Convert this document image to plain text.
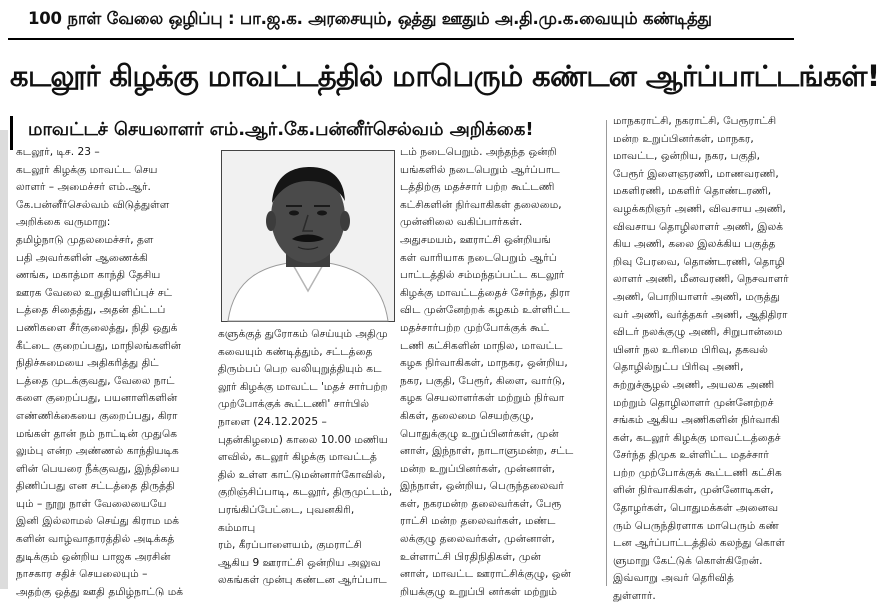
100 நாள் வேலை ஒழிப்பு : பா.ஜ.க. அரசையும், ஒத்து ஊதும் அ.தி.மு.க.வையும் கண்டித்து
கடலூர் கிழக்கு மாவட்டத்தில் மாபெரும் கண்டன ஆர்ப்பாட்டங்கள்!
மாவட்டச் செயலாளர் எம்.ஆர்.கே.பன்னீர்செல்வம் அறிக்கை!
கடலூர், டிச. 23 –
கடலூர் கிழக்கு மாவட்ட செய
லாளர் – அமைச்சர் எம்.ஆர்.
கே.பன்னீர்செல்வம் விடுத்துள்ள
அறிக்கை வருமாறு:
தமிழ்நாடு முதலமைச்சர், தள
பதி அவர்களின் ஆணைக்கி
ணங்க, மகாத்மா காந்தி தேசிய
ஊரக வேலை உறுதியளிப்புச் சட்
டத்தை சிதைத்து, அதன் திட்டப்
பணிகளை சீர்குலைத்து, நிதி ஒதுக்
கீட்டை குறைப்பது, மாநிலங்களின்
நிதிச்சுமையை அதிகரித்து திட்
டத்தை முடக்குவது, வேலை நாட்
களை குறைப்பது, பயனாளிகளின்
எண்ணிக்கையை குறைப்பது, கிரா
மங்கள் தான் நம் நாட்டின் முதுகெ
லும்பு என்ற அண்ணல் காந்தியடிக
ளின் பெயரை நீக்குவது, இந்தியை
திணிப்பது என சட்டத்தை திருத்தி
யும் – நூறு நாள் வேலையையே
இனி இல்லாமல் செய்து கிராம மக்
களின் வாழ்வாதாரத்தில் அடிக்கத்
துடிக்கும் ஒன்றிய பாஜக அரசின்
நாசகார சதிச் செயலையும் –
அதற்கு ஒத்து ஊதி தமிழ்நாட்டு மக்
களுக்குத் துரோகம் செய்யும் அதிமு
கவையும் கண்டித்தும், சட்டத்தை
திரும்பப் பெற வலியுறுத்தியும் கட
லூர் கிழக்கு மாவட்ட 'மதச் சார்பற்ற
முற்போக்குக் கூட்டணி' சார்பில்
நாளை (24.12.2025 –
புதன்கிழமை) காலை 10.00 மணிய
ளவில், கடலூர் கிழக்கு மாவட்டத்
தில் உள்ள காட்டுமன்னார்கோவில்,
குறிஞ்சிப்பாடி, கடலூர், திருமுட்டம்,
பரங்கிப்பேட்டை, புவனகிரி, கம்மாபு
ரம், கீரப்பாளையம், குமராட்சி
ஆகிய 9 ஊராட்சி ஒன்றிய அலுவ
லகங்கள் முன்பு கண்டன ஆர்ப்பாட
டம் நடைபெறும். அந்தந்த ஒன்றி
யங்களில் நடைபெறும் ஆர்ப்பாட
டத்திற்கு மதச்சார் பற்ற கூட்டணி
கட்சிகளின் நிர்வாகிகள் தலைமை,
முன்னிலை வகிப்பார்கள்.
அதுசமயம், ஊராட்சி ஒன்றியங்
கள் வாரியாக நடைபெறும் ஆர்ப்
பாட்டத்தில் சம்மந்தப்பட்ட கடலூர்
கிழக்கு மாவட்டத்தைச் சேர்ந்த, திரா
விட முன்னேற்றக் கழகம் உள்ளிட்ட
மதச்சார்பற்ற முற்போக்குக் கூட்
டணி கட்சிகளின் மாநில, மாவட்ட
கழக நிர்வாகிகள், மாநகர, ஒன்றிய,
நகர, பகுதி, பேரூர், கிளை, வார்டு,
கழக செயலாளர்கள் மற்றும் நிர்வா
கிகள், தலைமை செயற்குழு,
பொதுக்குழு உறுப்பினர்கள், முன்
னாள், இந்நாள், நாடாளுமன்ற, சட்ட
மன்ற உறுப்பினர்கள், முன்னாள்,
இந்நாள், ஒன்றிய, பெருந்தலைவர்
கள், நகரமன்ற தலைவர்கள், பேரூ
ராட்சி மன்ற தலைவர்கள், மண்ட
லக்குழு தலைவர்கள், முன்னாள்,
உள்ளாட்சி பிரதிநிதிகள், முன்
னாள், மாவட்ட ஊராட்சிக்குழு, ஒன்
றியக்குழு உறுப்பி னர்கள் மற்றும்
மாநகராட்சி, நகராட்சி, பேரூராட்சி
மன்ற உறுப்பினர்கள், மாநகர,
மாவட்ட, ஒன்றிய, நகர, பகுதி,
பேரூர் இளைஞரணி, மாணவரணி,
மகளிரணி, மகளிர் தொண்டரணி,
வழக்கறிஞர் அணி, விவசாய அணி,
விவசாய தொழிலாளர் அணி, இலக்
கிய அணி, கலை இலக்கிய பகுத்த
றிவு பேரவை, தொண்டரணி, தொழி
லாளர் அணி, மீனவரணி, நெசவாளர்
அணி, பொறியாளர் அணி, மருத்து
வர் அணி, வர்த்தகர் அணி, ஆதிதிரா
விடர் நலக்குழு அணி, சிறுபான்மை
யினர் நல உரிமை பிரிவு, தகவல்
தொழில்நுட்ப பிரிவு அணி,
சுற்றுச்சூழல் அணி, அயலக அணி
மற்றும் தொழிலாளர் முன்னேற்றச்
சங்கம் ஆகிய அணிகளின் நிர்வாகி
கள், கடலூர் கிழக்கு மாவட்டத்தைச்
சேர்ந்த திமுக உள்ளிட்ட மதச்சார்
பற்ற முற்போக்குக் கூட்டணி கட்சிக
ளின் நிர்வாகிகள், முன்னோடிகள்,
தோழர்கள், பொதுமக்கள் அனைவ
ரும் பெருந்திரளாக மாபெரும் கண்
டன ஆர்ப்பாட்டத்தில் கலந்து கொள்
ளுமாறு கேட்டுக் கொள்கிறேன்.
இவ்வாறு அவர் தெரிவித்
துள்ளார்.
